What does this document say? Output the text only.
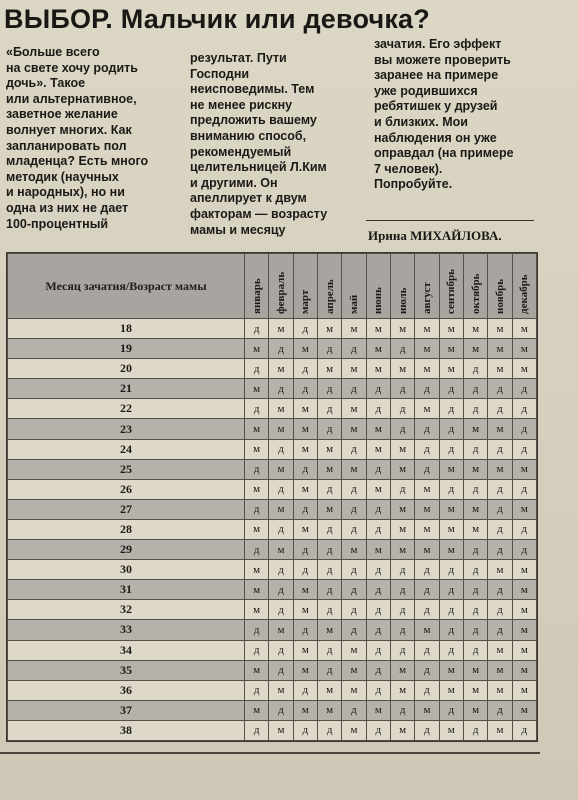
ВЫБОР. Мальчик или девочка?
«Больше всего
на свете хочу родить
дочь». Такое
или альтернативное,
заветное желание
волнует многих. Как
запланировать пол
младенца? Есть много
методик (научных
и народных), но ни
одна из них не дает
100-процентный
результат. Пути
Господни
неисповедимы. Тем
не менее рискну
предложить вашему
вниманию способ,
рекомендуемый
целительницей Л.Ким
и другими. Он
апеллирует к двум
факторам — возрасту
мамы и месяцу
зачатия. Его эффект
вы можете проверить
заранее на примере
уже родившихся
ребятишек у друзей
и близких. Мои
наблюдения он уже
оправдал (на примере
7 человек).
Попробуйте.
Ирина МИХАЙЛОВА.
Месяц зачатия/Возраст мамы	январь	февраль	март	апрель	май	июнь	июль	август	сентябрь	октябрь	ноябрь	декабрь

18	д	м	д	м	м	м	м	м	м	м	м	м
19	м	д	м	д	д	м	д	м	м	м	м	м
20	д	м	д	м	м	м	м	м	м	д	м	м
21	м	д	д	д	д	д	д	д	д	д	д	д
22	д	м	м	д	м	д	д	м	д	д	д	д
23	м	м	м	д	м	м	д	д	д	м	м	д
24	м	д	м	м	д	м	м	д	д	д	д	д
25	д	м	д	м	м	д	м	д	м	м	м	м
26	м	д	м	д	д	м	д	м	д	д	д	д
27	д	м	д	м	д	д	м	м	м	м	д	м
28	м	д	м	д	д	д	м	м	м	м	д	д
29	д	м	д	д	м	м	м	м	м	д	д	д
30	м	д	д	д	д	д	д	д	д	д	м	м
31	м	д	м	д	д	д	д	д	д	д	д	м
32	м	д	м	д	д	д	д	д	д	д	д	м
33	д	м	д	м	д	д	д	м	д	д	д	м
34	д	д	м	д	м	д	д	д	д	д	м	м
35	м	д	м	д	м	д	м	д	м	м	м	м
36	д	м	д	м	м	д	м	д	м	м	м	м
37	м	д	м	м	д	м	д	м	д	м	д	м
38	д	м	д	д	м	д	м	д	м	д	м	д
